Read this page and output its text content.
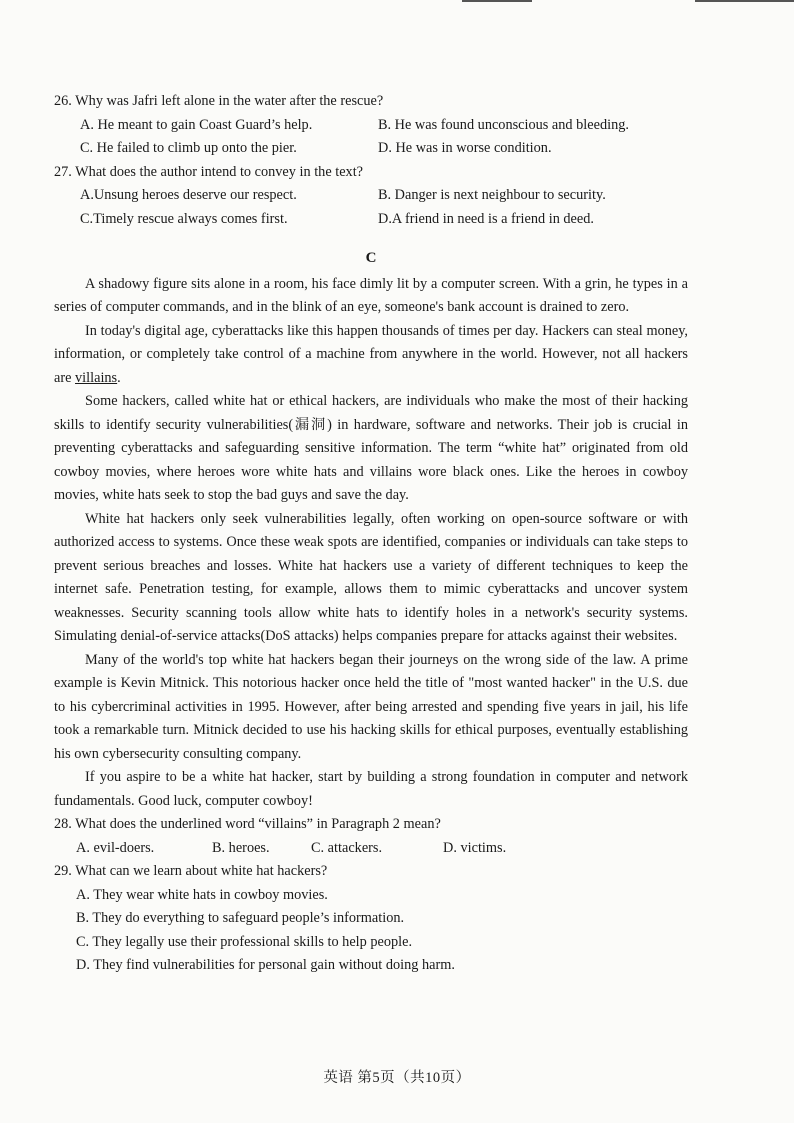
26. Why was Jafri left alone in the water after the rescue?

A. He meant to gain Coast Guard’s help.	B. He was found unconscious and bleeding.
C. He failed to climb up onto the pier.	D. He was in worse condition.

27. What does the author intend to convey in the text?

A.Unsung heroes deserve our respect.	B. Danger is next neighbour to security.
C.Timely rescue always comes first.	D.A friend in need is a friend in deed.
C

A shadowy figure sits alone in a room, his face dimly lit by a computer screen. With a grin, he types in a series of computer commands, and in the blink of an eye, someone's bank account is drained to zero.

In today's digital age, cyberattacks like this happen thousands of times per day. Hackers can steal money, information, or completely take control of a machine from anywhere in the world. However, not all hackers are villains.

Some hackers, called white hat or ethical hackers, are individuals who make the most of their hacking skills to identify security vulnerabilities(漏洞) in hardware, software and networks. Their job is crucial in preventing cyberattacks and safeguarding sensitive information. The term “white hat” originated from old cowboy movies, where heroes wore white hats and villains wore black ones. Like the heroes in cowboy movies, white hats seek to stop the bad guys and save the day.

White hat hackers only seek vulnerabilities legally, often working on open-source software or with authorized access to systems. Once these weak spots are identified, companies or individuals can take steps to prevent serious breaches and losses. White hat hackers use a variety of different techniques to keep the internet safe. Penetration testing, for example, allows them to mimic cyberattacks and uncover system weaknesses. Security scanning tools allow white hats to identify holes in a network's security systems. Simulating denial-of-service attacks(DoS attacks) helps companies prepare for attacks against their websites.

Many of the world's top white hat hackers began their journeys on the wrong side of the law. A prime example is Kevin Mitnick. This notorious hacker once held the title of "most wanted hacker" in the U.S. due to his cybercriminal activities in 1995. However, after being arrested and spending five years in jail, his life took a remarkable turn. Mitnick decided to use his hacking skills for ethical purposes, eventually establishing his own cybersecurity consulting company.

If you aspire to be a white hat hacker, start by building a strong foundation in computer and network fundamentals. Good luck, computer cowboy!

28. What does the underlined word “villains” in Paragraph 2 mean?

A. evil-doers.	B. heroes.	C. attackers.	D. victims.

29. What can we learn about white hat hackers?

A. They wear white hats in cowboy movies.
B. They do everything to safeguard people’s information.
C. They legally use their professional skills to help people.
D. They find vulnerabilities for personal gain without doing harm.
英语 第5页（共10页）
